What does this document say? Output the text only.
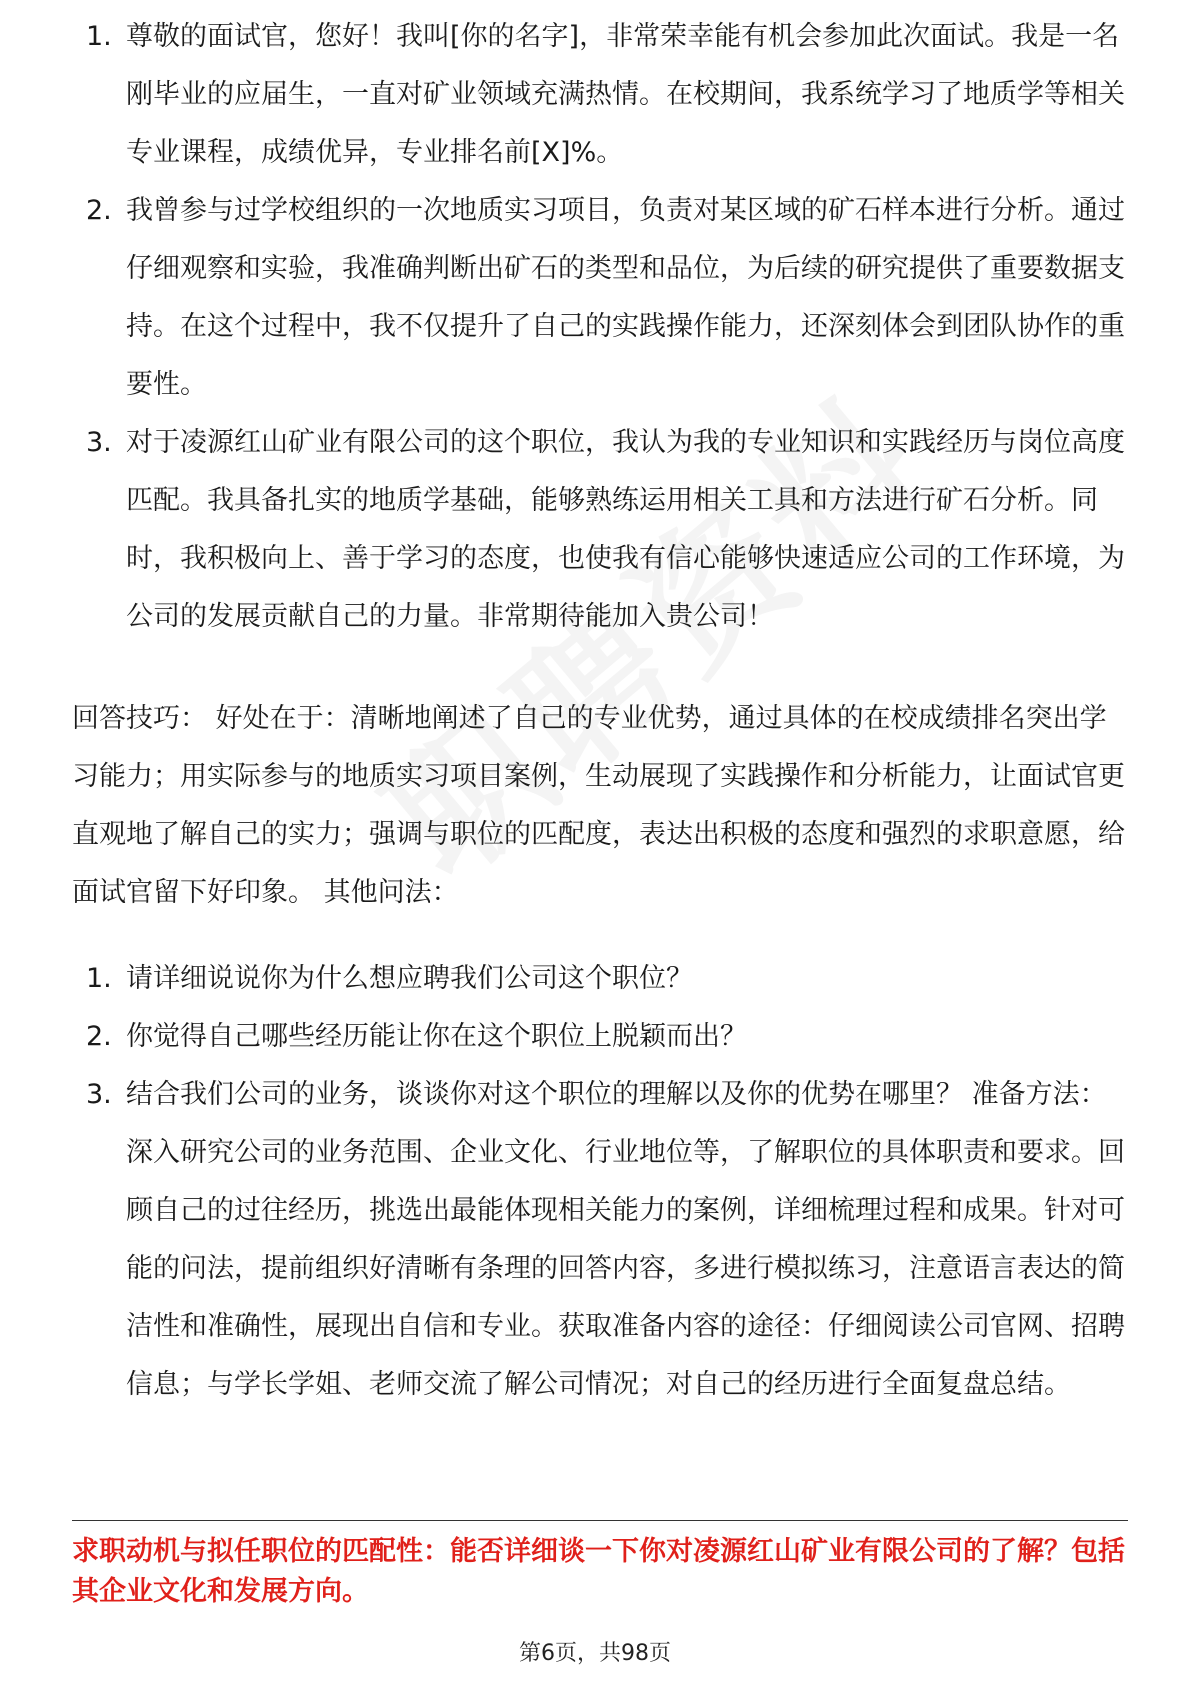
1. 尊敬的面试官，您好！我叫[你的名字]，非常荣幸能有机会参加此次面试。我是一名刚毕业的应届生，一直对矿业领域充满热情。在校期间，我系统学习了地质学等相关专业课程，成绩优异，专业排名前[X]%。
2. 我曾参与过学校组织的一次地质实习项目，负责对某区域的矿石样本进行分析。通过仔细观察和实验，我准确判断出矿石的类型和品位，为后续的研究提供了重要数据支持。在这个过程中，我不仅提升了自己的实践操作能力，还深刻体会到团队协作的重要性。
3. 对于凌源红山矿业有限公司的这个职位，我认为我的专业知识和实践经历与岗位高度匹配。我具备扎实的地质学基础，能够熟练运用相关工具和方法进行矿石分析。同时，我积极向上、善于学习的态度，也使我有信心能够快速适应公司的工作环境，为公司的发展贡献自己的力量。非常期待能加入贵公司！

回答技巧： 好处在于：清晰地阐述了自己的专业优势，通过具体的在校成绩排名突出学习能力；用实际参与的地质实习项目案例，生动展现了实践操作和分析能力，让面试官更直观地了解自己的实力；强调与职位的匹配度，表达出积极的态度和强烈的求职意愿，给面试官留下好印象。 其他问法：

1. 请详细说说你为什么想应聘我们公司这个职位？
2. 你觉得自己哪些经历能让你在这个职位上脱颖而出？
3. 结合我们公司的业务，谈谈你对这个职位的理解以及你的优势在哪里？ 准备方法： 深入研究公司的业务范围、企业文化、行业地位等，了解职位的具体职责和要求。回顾自己的过往经历，挑选出最能体现相关能力的案例，详细梳理过程和成果。针对可能的问法，提前组织好清晰有条理的回答内容，多进行模拟练习，注意语言表达的简洁性和准确性，展现出自信和专业。获取准备内容的途径：仔细阅读公司官网、招聘信息；与学长学姐、老师交流了解公司情况；对自己的经历进行全面复盘总结。

求职动机与拟任职位的匹配性：能否详细谈一下你对凌源红山矿业有限公司的了解？包括其企业文化和发展方向。

第6页，共98页
